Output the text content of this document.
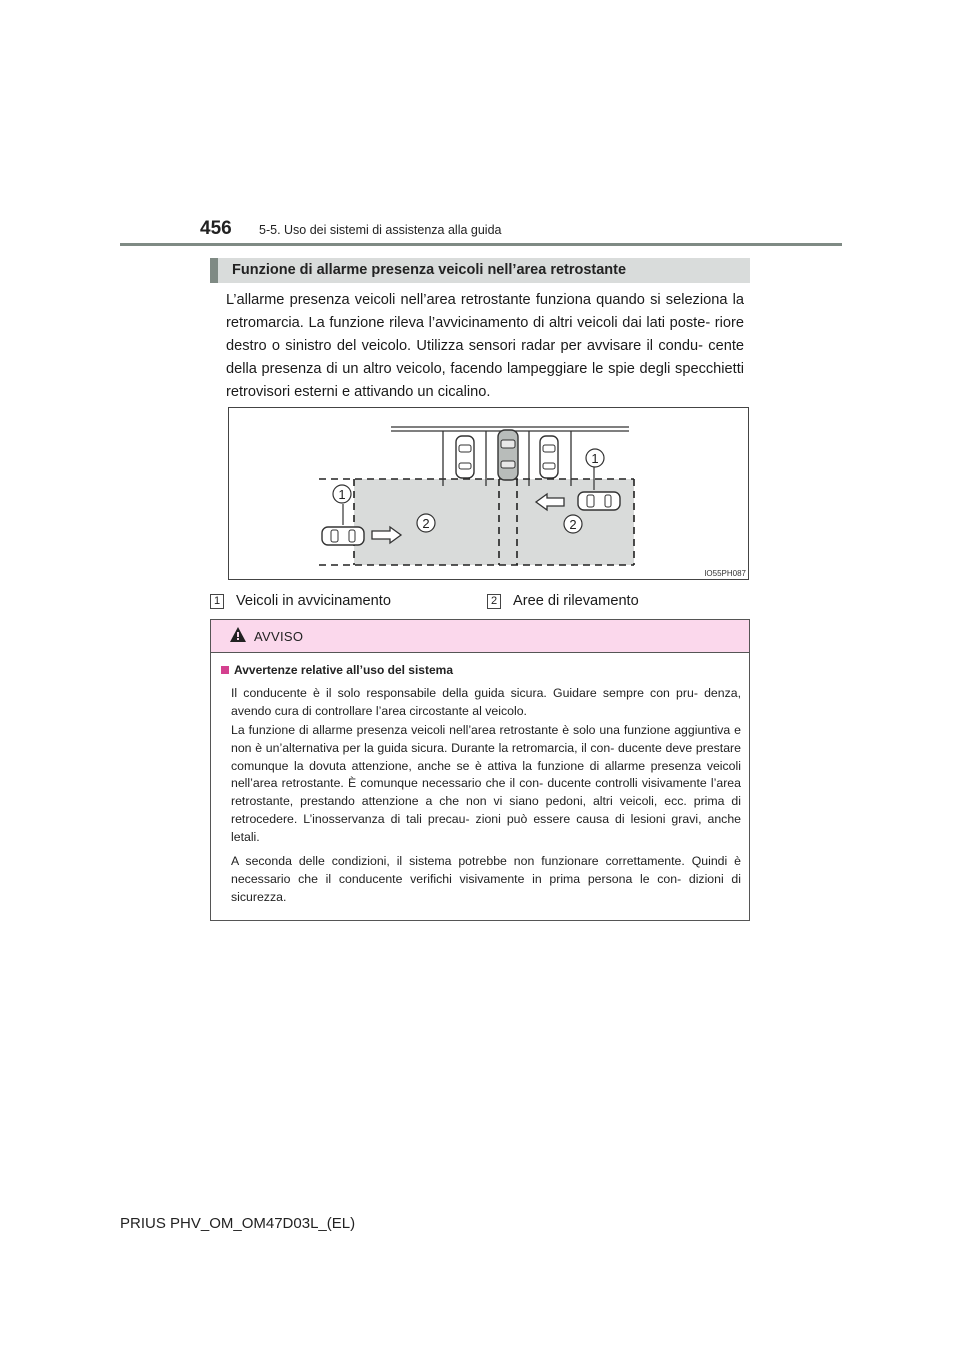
456 5-5. Uso dei sistemi di assistenza alla guida
Funzione di allarme presenza veicoli nell’area retrostante

L’allarme presenza veicoli nell’area retrostante funziona quando si seleziona la retromarcia. La funzione rileva l’avvicinamento di altri veicoli dai lati poste- riore destro o sinistro del veicolo. Utilizza sensori radar per avvisare il condu- cente della presenza di un altro veicolo, facendo lampeggiare le spie degli specchietti retrovisori esterni e attivando un cicalino.

1
1
2	2
IO55PH087
1 Veicoli in avvicinamento	2 Aree di rilevamento
AVVISO
Avvertenze relative all’uso del sistema

Il conducente è il solo responsabile della guida sicura. Guidare sempre con pru- denza, avendo cura di controllare l’area circostante al veicolo.

La funzione di allarme presenza veicoli nell’area retrostante è solo una funzione aggiuntiva e non è un’alternativa per la guida sicura. Durante la retromarcia, il con- ducente deve prestare comunque la dovuta attenzione, anche se è attiva la funzione di allarme presenza veicoli nell’area retrostante. È comunque necessario che il con- ducente controlli visivamente l’area retrostante, prestando attenzione a che non vi siano pedoni, altri veicoli, ecc. prima di retrocedere. L’inosservanza di tali precau- zioni può essere causa di lesioni gravi, anche letali.

A seconda delle condizioni, il sistema potrebbe non funzionare correttamente. Quindi è necessario che il conducente verifichi visivamente in prima persona le con- dizioni di sicurezza.

PRIUS PHV_OM_OM47D03L_(EL)
